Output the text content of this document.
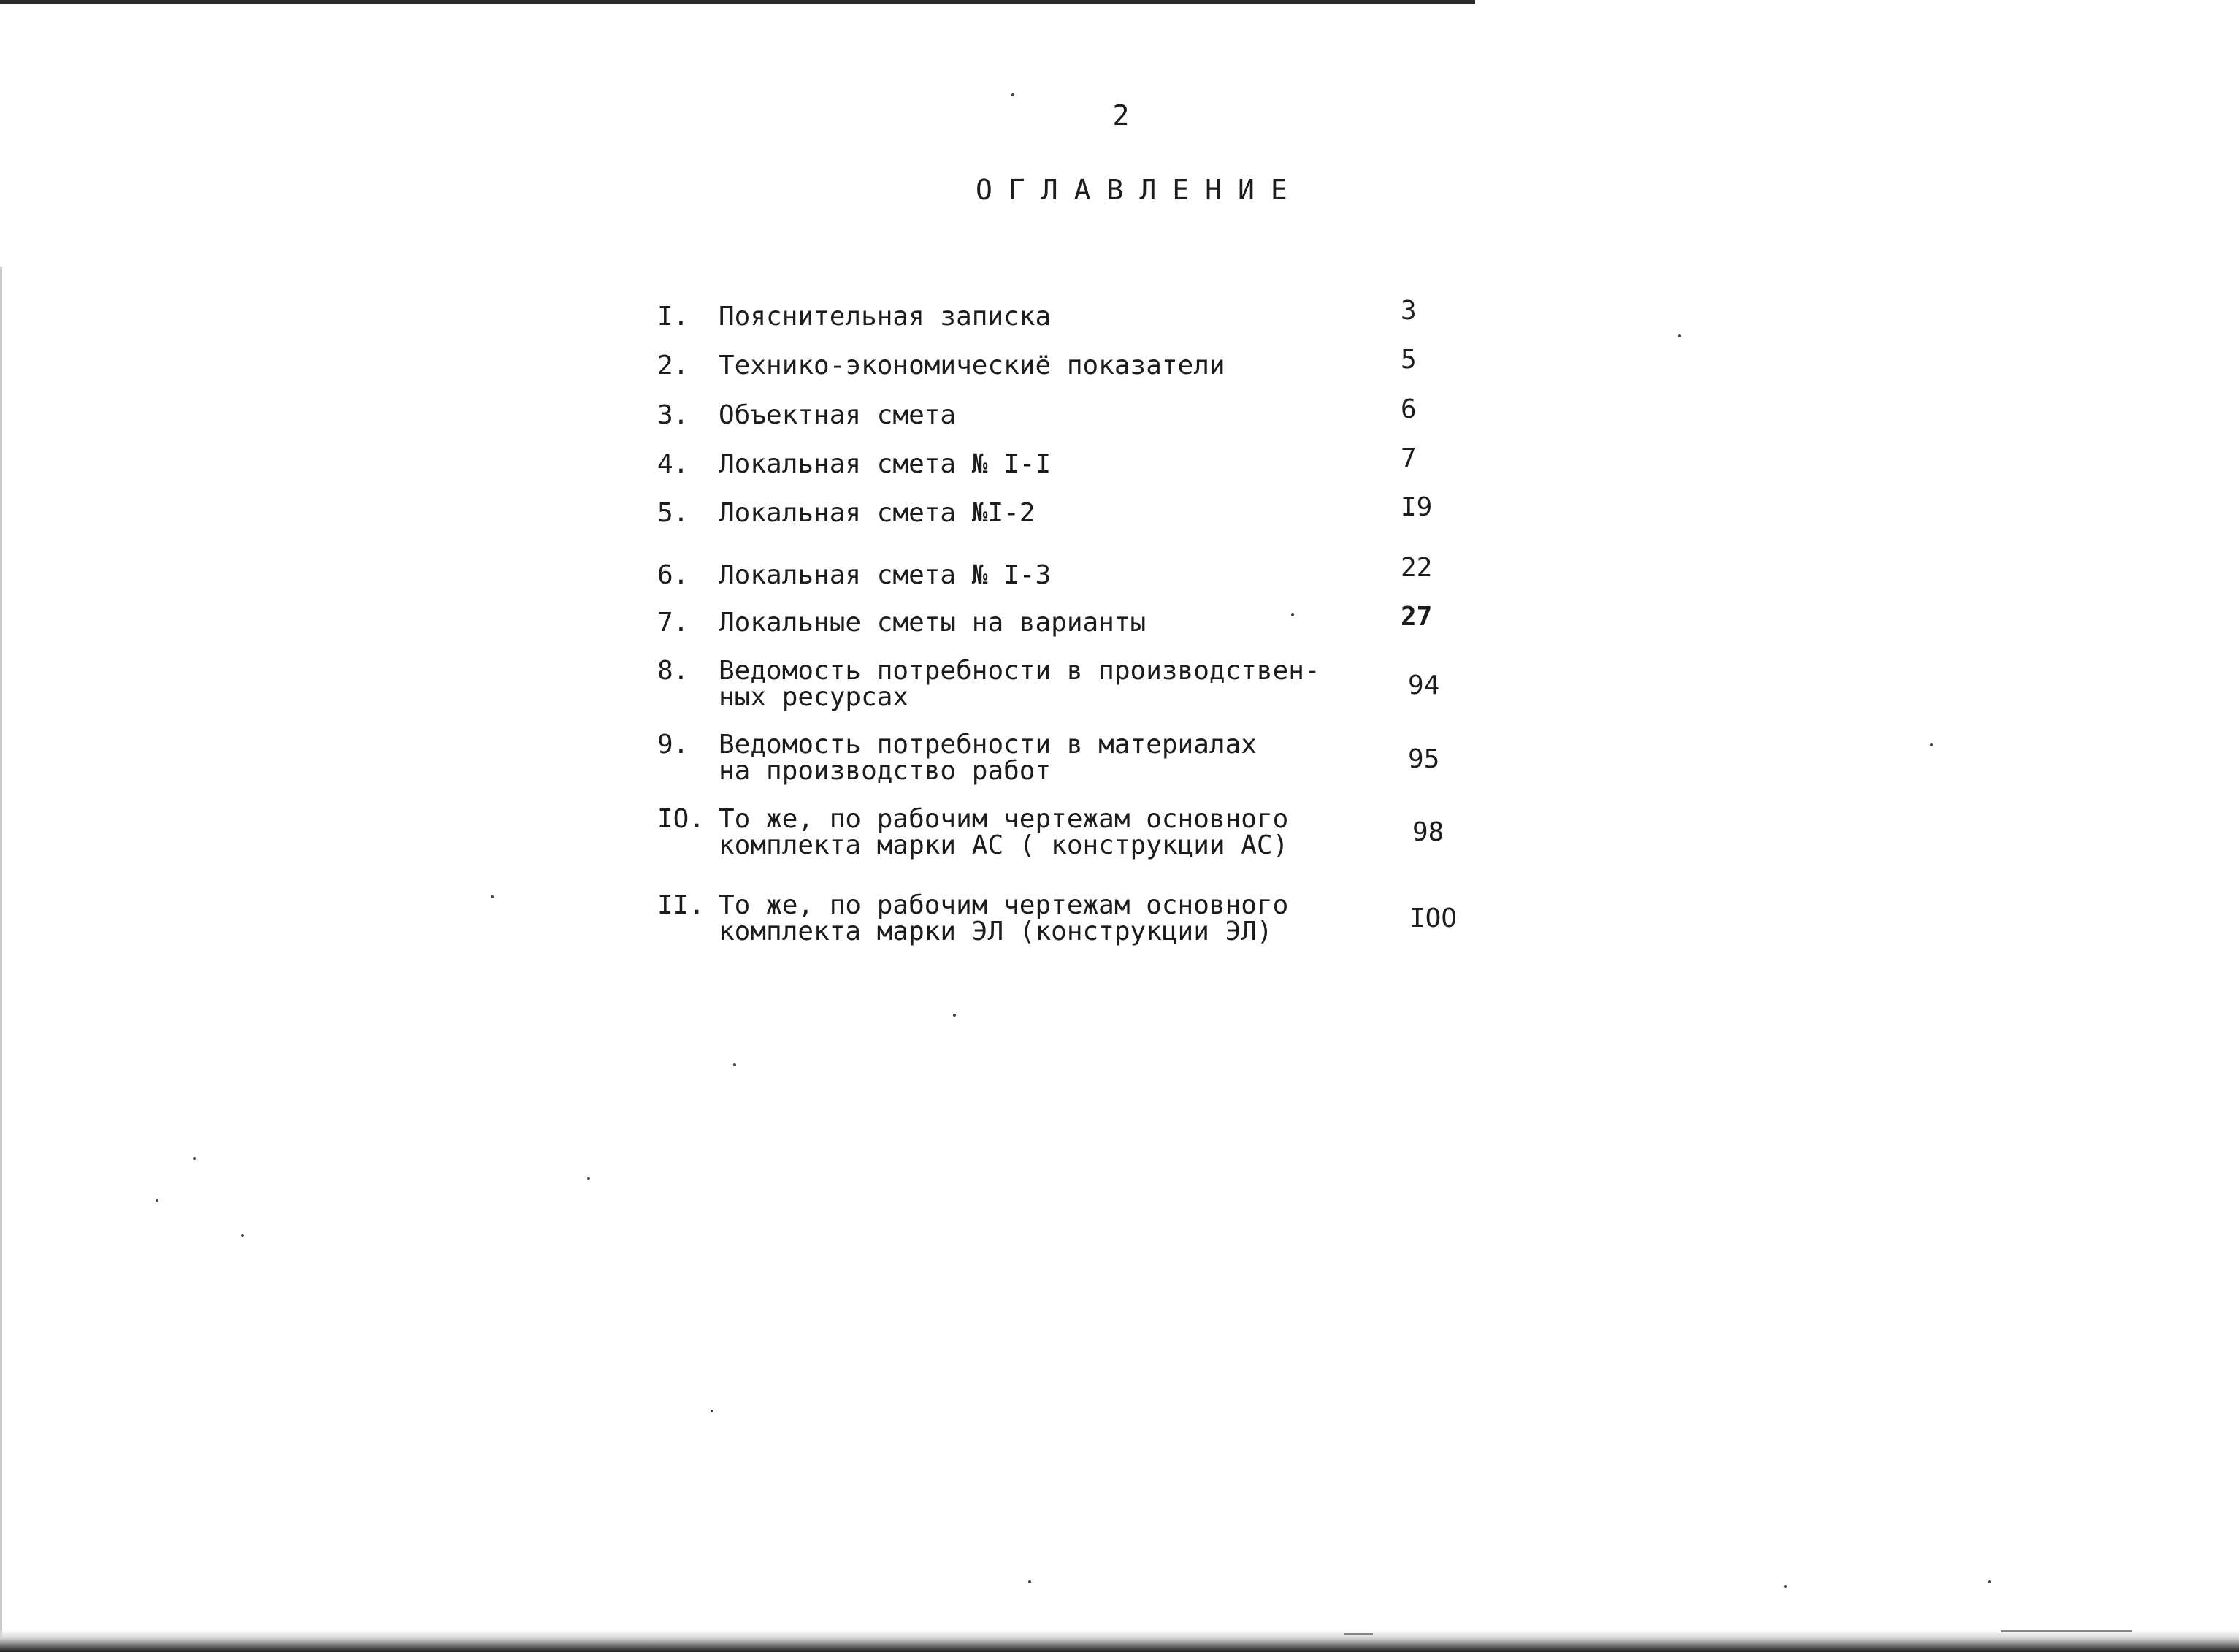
2
ОГЛАВЛЕНИЕ
I.	Пояснительная записка	3
2.	Технико-экономическиё показатели	5
3.	Объектная смета	6
4.	Локальная смета № I-I	7
5.	Локальная смета №I-2	I9
6.	Локальная смета № I-3	22
7.	Локальные сметы на варианты	27
8.	Ведомость потребности в производствен-
ных ресурсах	94
9.	Ведомость потребности в материалах
на производство работ	95
IO. То же, по рабочим чертежам основного
комплекта марки АС ( конструкции АС)	98
II. То же, по рабочим чертежам основного
комплекта марки ЭЛ (конструкции ЭЛ)	IOO
